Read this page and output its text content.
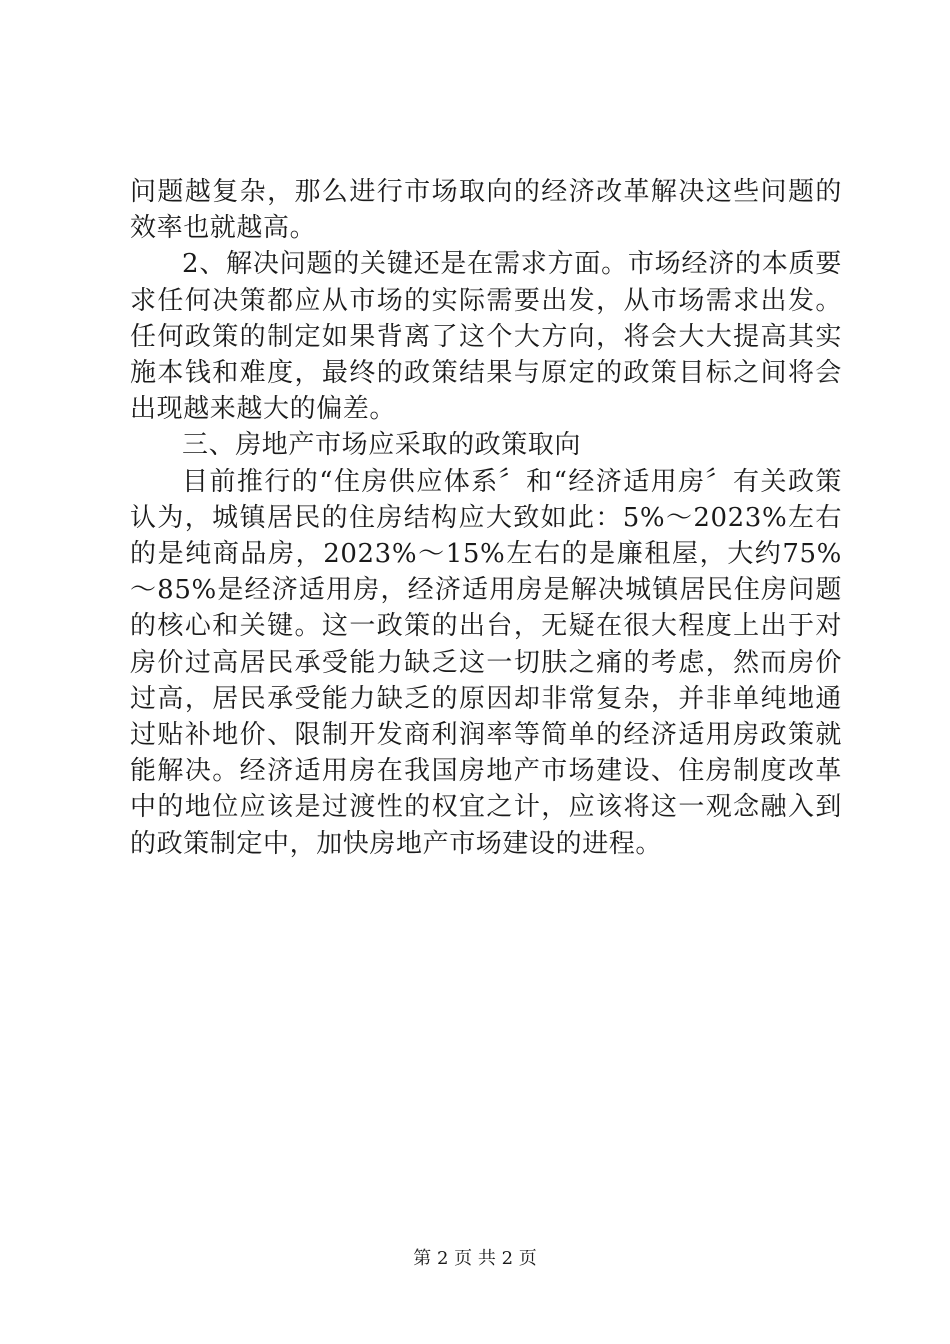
问题越复杂，那么进行市场取向的经济改革解决这些问题的效率也就越高。

2、解决问题的关键还是在需求方面。市场经济的本质要求任何决策都应从市场的实际需要出发，从市场需求出发。任何政策的制定如果背离了这个大方向，将会大大提高其实施本钱和难度，最终的政策结果与原定的政策目标之间将会出现越来越大的偏差。

三、房地产市场应采取的政策取向

目前推行的“住房供应体系〞和“经济适用房〞有关政策认为，城镇居民的住房结构应大致如此：5%～2023%左右的是纯商品房，2023%～15%左右的是廉租屋，大约75%～85%是经济适用房，经济适用房是解决城镇居民住房问题的核心和关键。这一政策的出台，无疑在很大程度上出于对房价过高居民承受能力缺乏这一切肤之痛的考虑，然而房价过高，居民承受能力缺乏的原因却非常复杂，并非单纯地通过贴补地价、限制开发商利润率等简单的经济适用房政策就能解决。经济适用房在我国房地产市场建设、住房制度改革中的地位应该是过渡性的权宜之计，应该将这一观念融入到的政策制定中，加快房地产市场建设的进程。

第 2 页 共 2 页
